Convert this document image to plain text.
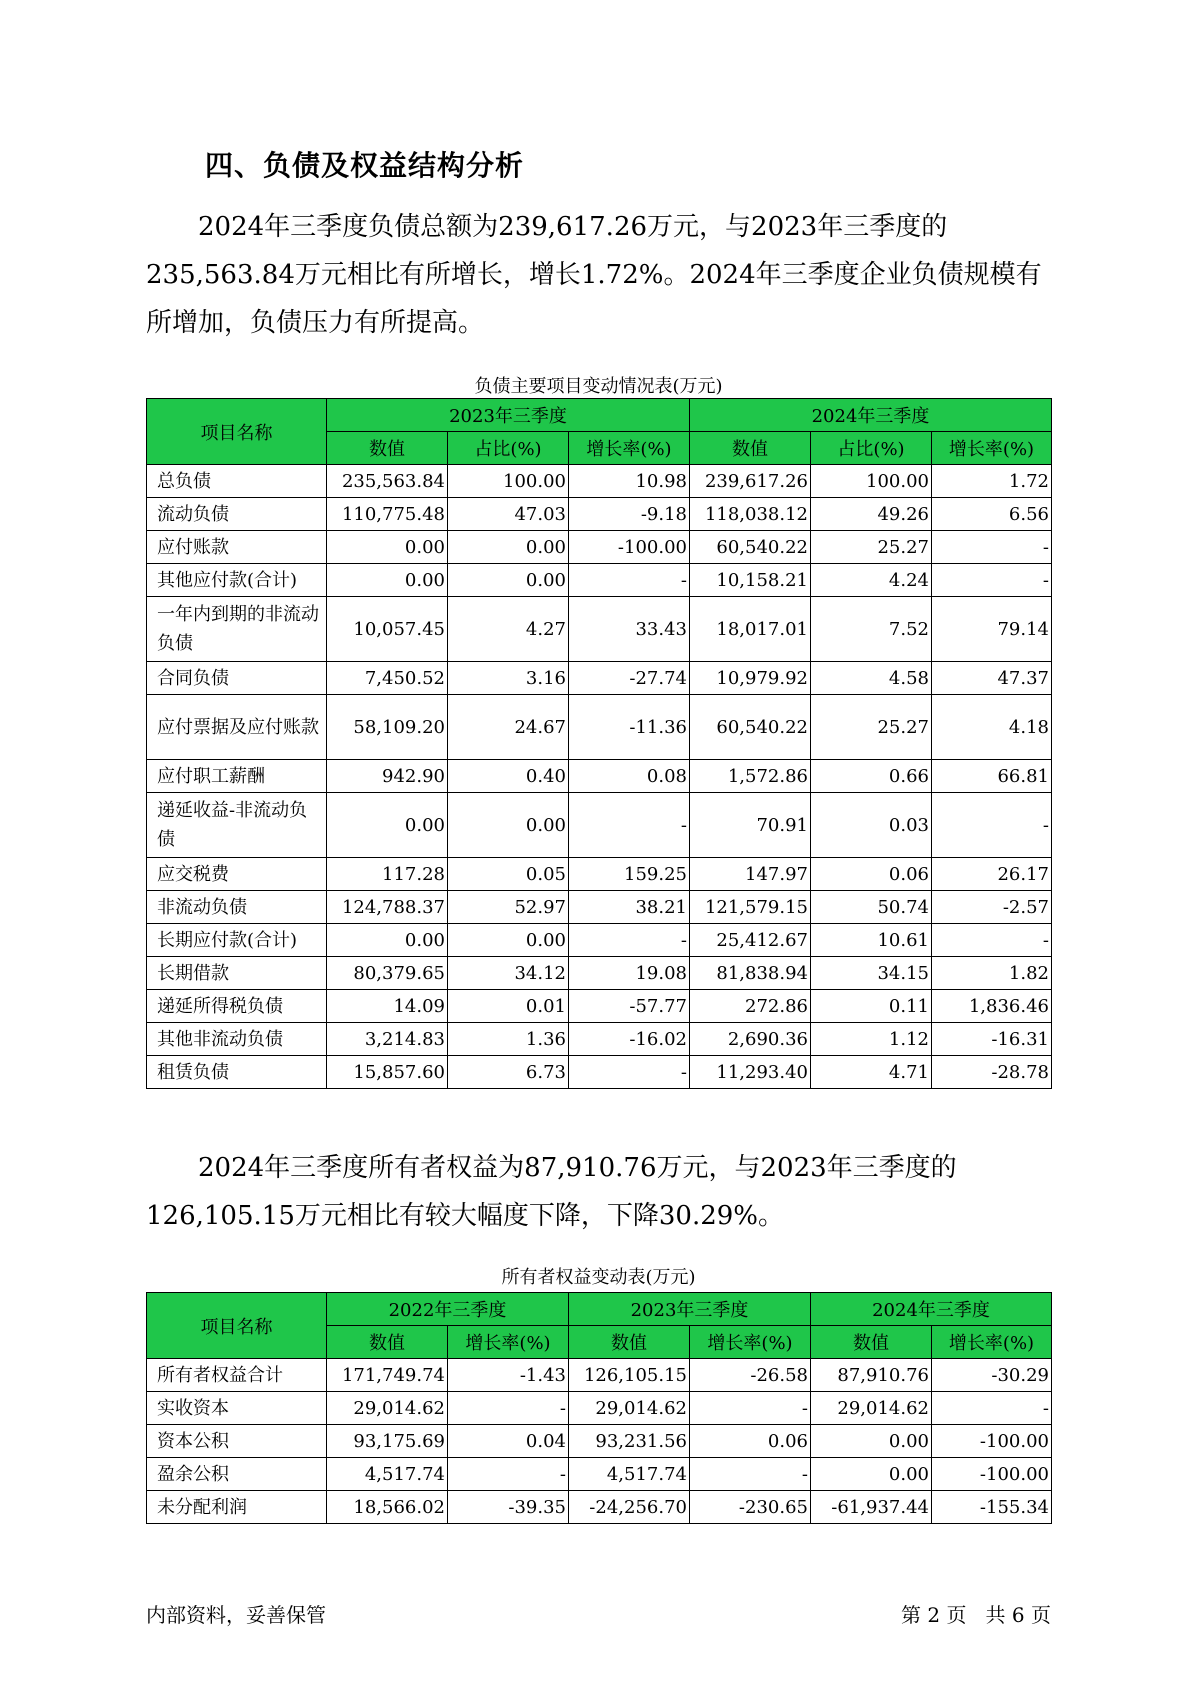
四、负债及权益结构分析

2024年三季度负债总额为239,617.26万元，与2023年三季度的235,563.84万元相比有所增长，增长1.72%。2024年三季度企业负债规模有所增加，负债压力有所提高。

负债主要项目变动情况表(万元)
项目名称	2023年三季度			2024年三季度		
	数值	占比(%)	增长率(%)	数值	占比(%)	增长率(%)
总负债	235,563.84	100.00	10.98	239,617.26	100.00	1.72
流动负债	110,775.48	47.03	-9.18	118,038.12	49.26	6.56
应付账款	0.00	0.00	-100.00	60,540.22	25.27	-
其他应付款(合计)	0.00	0.00	-	10,158.21	4.24	-
一年内到期的非流动负债	10,057.45	4.27	33.43	18,017.01	7.52	79.14
合同负债	7,450.52	3.16	-27.74	10,979.92	4.58	47.37
应付票据及应付账款	58,109.20	24.67	-11.36	60,540.22	25.27	4.18
应付职工薪酬	942.90	0.40	0.08	1,572.86	0.66	66.81
递延收益-非流动负债	0.00	0.00	-	70.91	0.03	-
应交税费	117.28	0.05	159.25	147.97	0.06	26.17
非流动负债	124,788.37	52.97	38.21	121,579.15	50.74	-2.57
长期应付款(合计)	0.00	0.00	-	25,412.67	10.61	-
长期借款	80,379.65	34.12	19.08	81,838.94	34.15	1.82
递延所得税负债	14.09	0.01	-57.77	272.86	0.11	1,836.46
其他非流动负债	3,214.83	1.36	-16.02	2,690.36	1.12	-16.31
租赁负债	15,857.60	6.73	-	11,293.40	4.71	-28.78

2024年三季度所有者权益为87,910.76万元，与2023年三季度的126,105.15万元相比有较大幅度下降，下降30.29%。

所有者权益变动表(万元)
项目名称	2022年三季度		2023年三季度		2024年三季度	
	数值	增长率(%)	数值	增长率(%)	数值	增长率(%)
所有者权益合计	171,749.74	-1.43	126,105.15	-26.58	87,910.76	-30.29
实收资本	29,014.62	-	29,014.62	-	29,014.62	-
资本公积	93,175.69	0.04	93,231.56	0.06	0.00	-100.00
盈余公积	4,517.74	-	4,517.74	-	0.00	-100.00
未分配利润	18,566.02	-39.35	-24,256.70	-230.65	-61,937.44	-155.34
内部资料，妥善保管	第 2 页   共 6 页
